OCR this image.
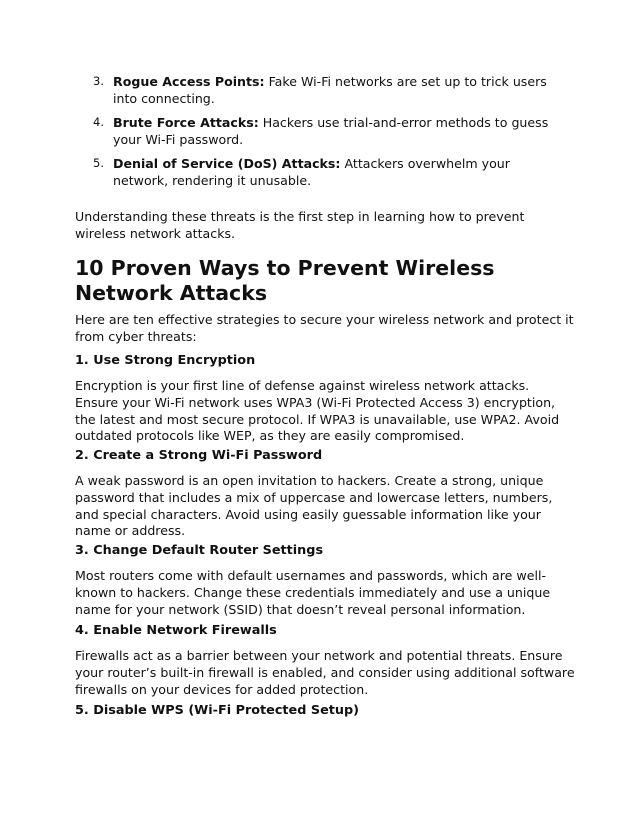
3. Rogue Access Points: Fake Wi-Fi networks are set up to trick users into connecting.
4. Brute Force Attacks: Hackers use trial-and-error methods to guess your Wi-Fi password.
5. Denial of Service (DoS) Attacks: Attackers overwhelm your network, rendering it unusable.

Understanding these threats is the first step in learning how to prevent wireless network attacks.

10 Proven Ways to Prevent Wireless Network Attacks

Here are ten effective strategies to secure your wireless network and protect it from cyber threats:

1. Use Strong Encryption

Encryption is your first line of defense against wireless network attacks. Ensure your Wi-Fi network uses WPA3 (Wi-Fi Protected Access 3) encryption, the latest and most secure protocol. If WPA3 is unavailable, use WPA2. Avoid outdated protocols like WEP, as they are easily compromised.

2. Create a Strong Wi-Fi Password

A weak password is an open invitation to hackers. Create a strong, unique password that includes a mix of uppercase and lowercase letters, numbers, and special characters. Avoid using easily guessable information like your name or address.

3. Change Default Router Settings

Most routers come with default usernames and passwords, which are well-known to hackers. Change these credentials immediately and use a unique name for your network (SSID) that doesn’t reveal personal information.

4. Enable Network Firewalls

Firewalls act as a barrier between your network and potential threats. Ensure your router’s built-in firewall is enabled, and consider using additional software firewalls on your devices for added protection.

5. Disable WPS (Wi-Fi Protected Setup)
